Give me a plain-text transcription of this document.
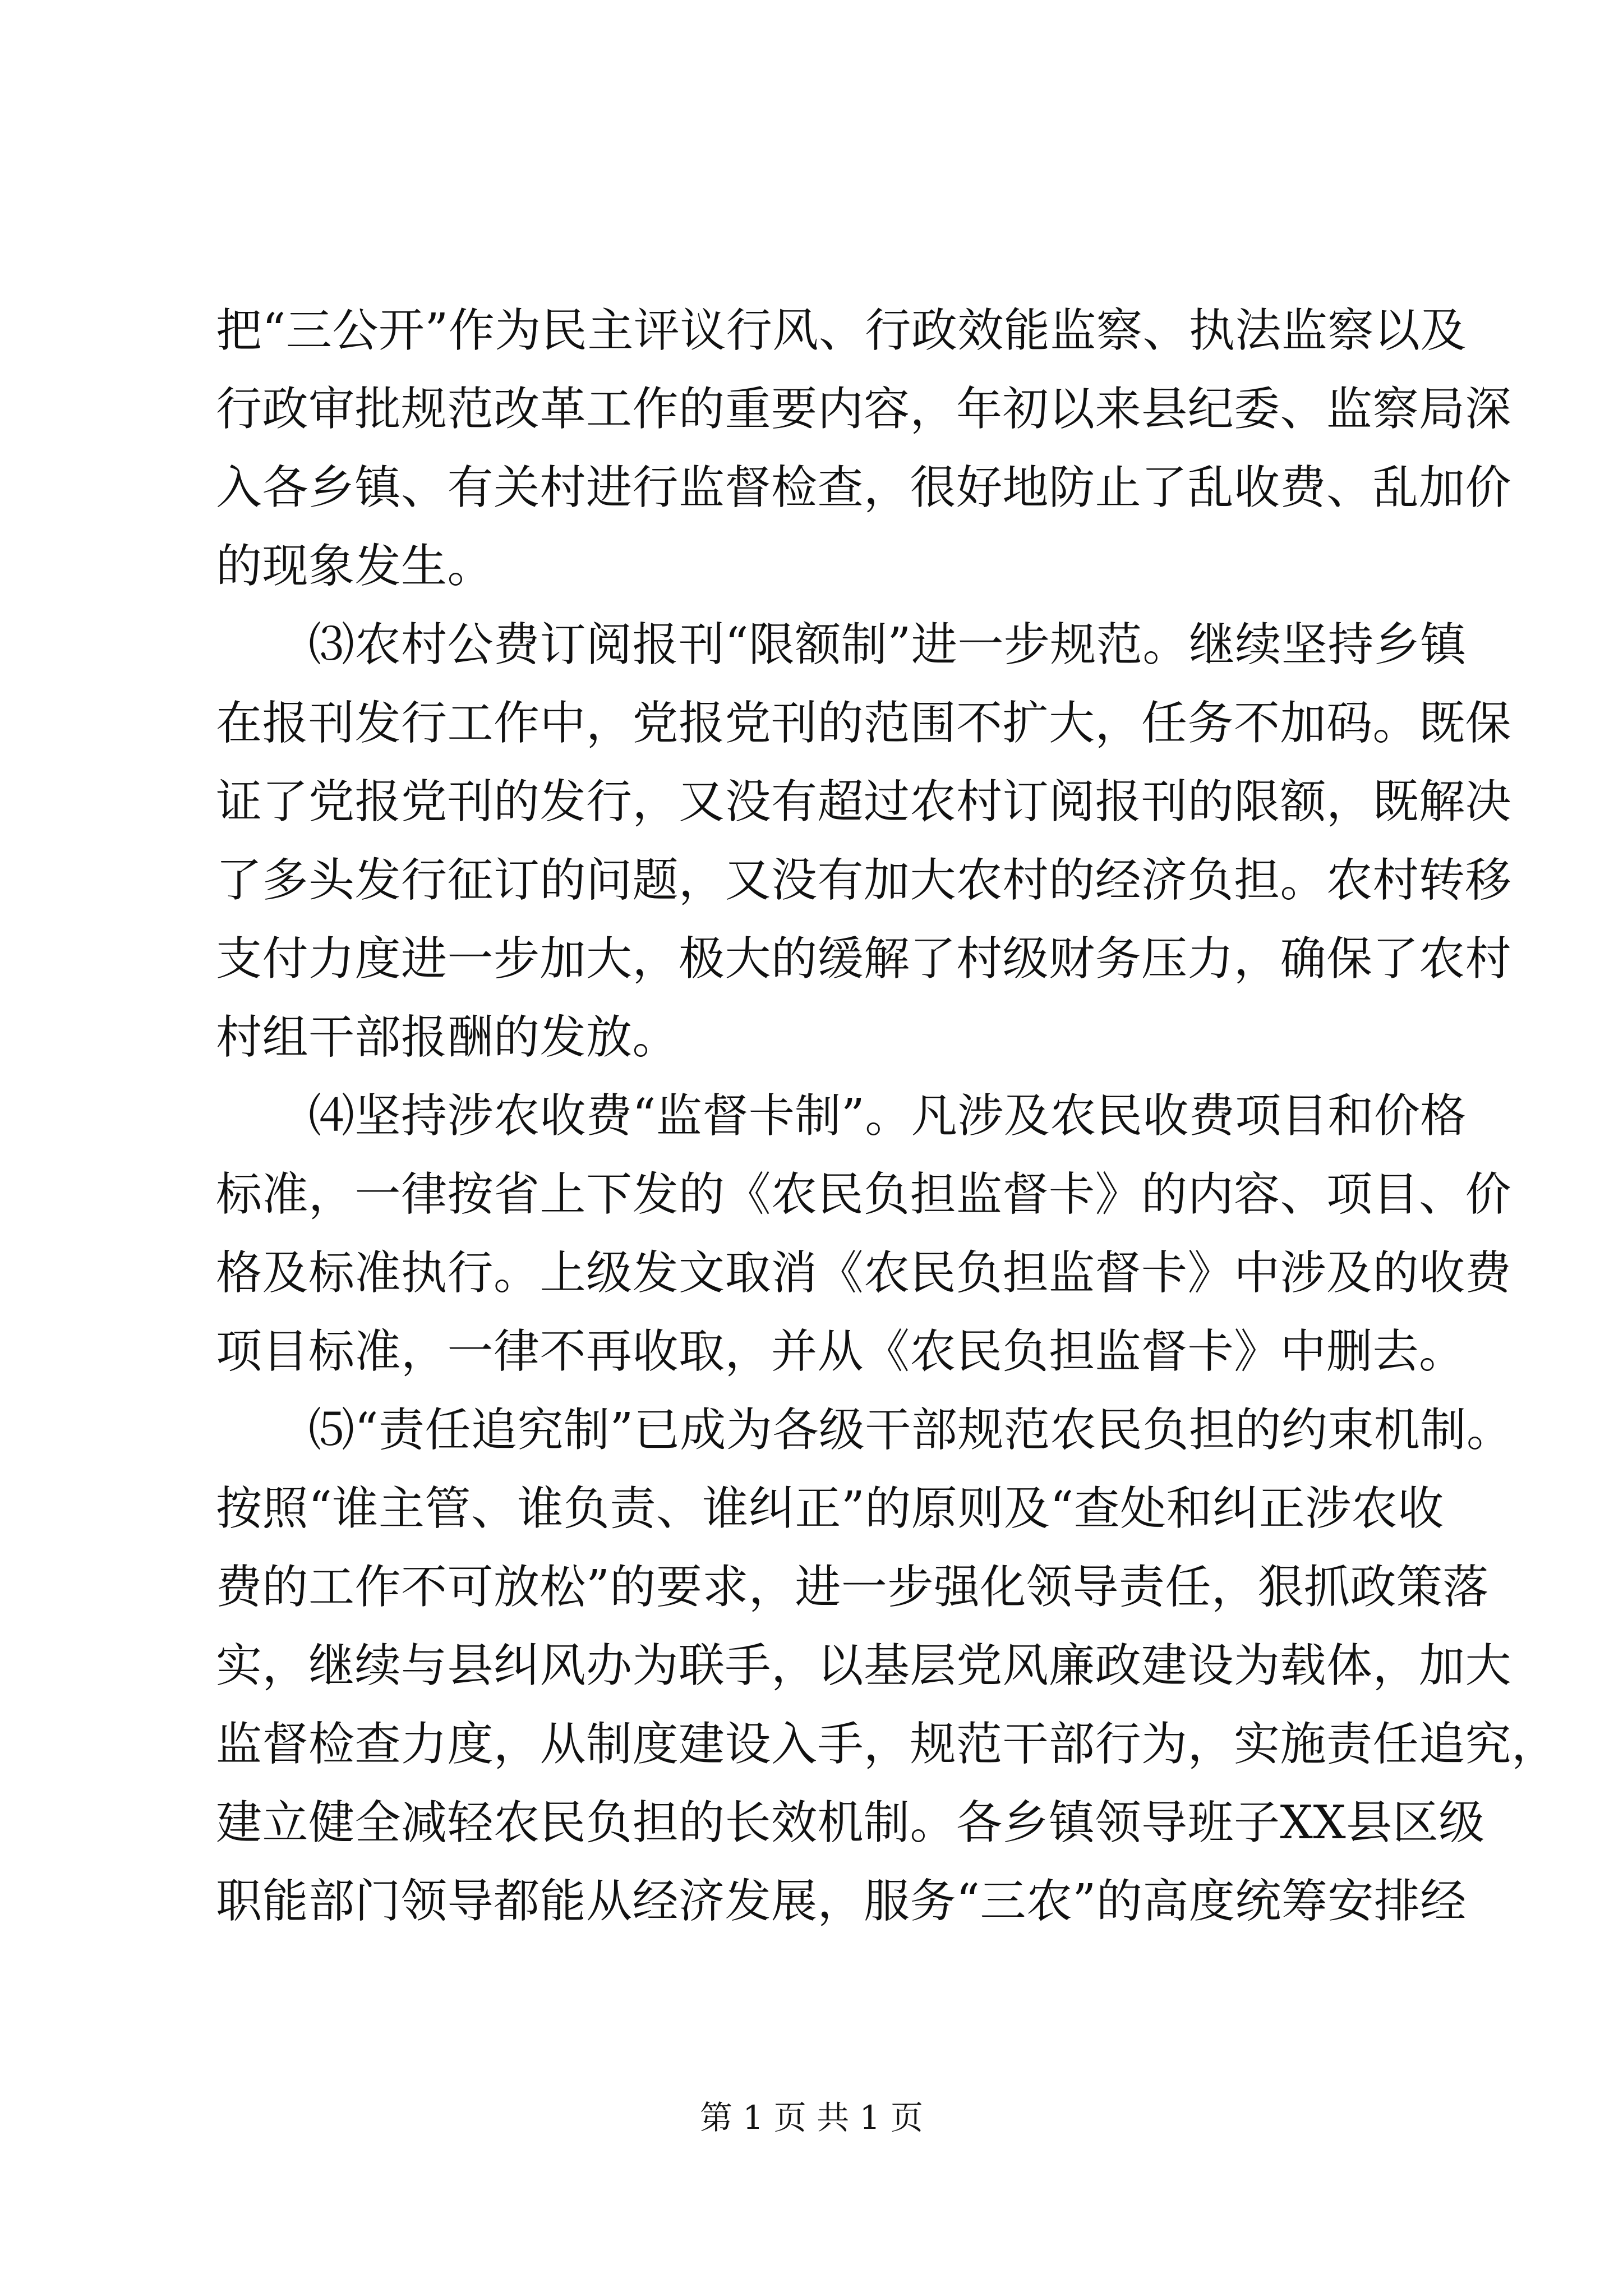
把“三公开”作为民主评议行风、行政效能监察、执法监察以及
行政审批规范改革工作的重要内容，年初以来县纪委、监察局深
入各乡镇、有关村进行监督检查，很好地防止了乱收费、乱加价
的现象发生。
　　⑶农村公费订阅报刊“限额制”进一步规范。继续坚持乡镇
在报刊发行工作中，党报党刊的范围不扩大，任务不加码。既保
证了党报党刊的发行，又没有超过农村订阅报刊的限额，既解决
了多头发行征订的问题，又没有加大农村的经济负担。农村转移
支付力度进一步加大，极大的缓解了村级财务压力，确保了农村
村组干部报酬的发放。
　　⑷坚持涉农收费“监督卡制”。凡涉及农民收费项目和价格
标准，一律按省上下发的《农民负担监督卡》的内容、项目、价
格及标准执行。上级发文取消《农民负担监督卡》中涉及的收费
项目标准，一律不再收取，并从《农民负担监督卡》中删去。
　　⑸“责任追究制”已成为各级干部规范农民负担的约束机制。
按照“谁主管、谁负责、谁纠正”的原则及“查处和纠正涉农收
费的工作不可放松”的要求，进一步强化领导责任，狠抓政策落
实，继续与县纠风办为联手，以基层党风廉政建设为载体，加大
监督检查力度，从制度建设入手，规范干部行为，实施责任追究，
建立健全减轻农民负担的长效机制。各乡镇领导班子XX县区级
职能部门领导都能从经济发展，服务“三农”的高度统筹安排经
第 1 页 共 1 页
